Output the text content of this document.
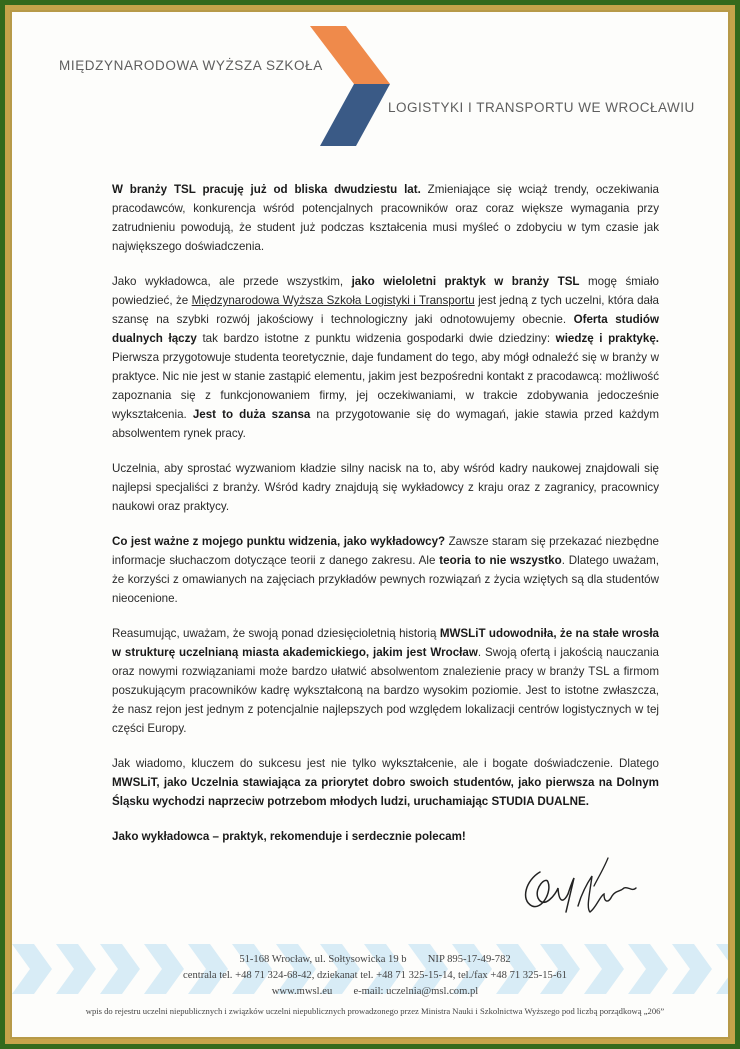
MIĘDZYNARODOWA WYŻSZA SZKOŁA
LOGISTYKI I TRANSPORTU WE WROCŁAWIU

W branży TSL pracuję już od bliska dwudziestu lat. Zmieniające się wciąż trendy, oczekiwania pracodawców, konkurencja wśród potencjalnych pracowników oraz coraz większe wymagania przy zatrudnieniu powodują, że student już podczas kształcenia musi myśleć o zdobyciu w tym czasie jak największego doświadczenia.

Jako wykładowca, ale przede wszystkim, jako wieloletni praktyk w branży TSL mogę śmiało powiedzieć, że Międzynarodowa Wyższa Szkoła Logistyki i Transportu jest jedną z tych uczelni, która dała szansę na szybki rozwój jakościowy i technologiczny jaki odnotowujemy obecnie. Oferta studiów dualnych łączy tak bardzo istotne z punktu widzenia gospodarki dwie dziedziny: wiedzę i praktykę. Pierwsza przygotowuje studenta teoretycznie, daje fundament do tego, aby mógł odnaleźć się w branży w praktyce. Nic nie jest w stanie zastąpić elementu, jakim jest bezpośredni kontakt z pracodawcą: możliwość zapoznania się z funkcjonowaniem firmy, jej oczekiwaniami, w trakcie zdobywania jedocześnie wykształcenia. Jest to duża szansa na przygotowanie się do wymagań, jakie stawia przed każdym absolwentem rynek pracy.

Uczelnia, aby sprostać wyzwaniom kładzie silny nacisk na to, aby wśród kadry naukowej znajdowali się najlepsi specjaliści z branży. Wśród kadry znajdują się wykładowcy z kraju oraz z zagranicy, pracownicy naukowi oraz praktycy.

Co jest ważne z mojego punktu widzenia, jako wykładowcy? Zawsze staram się przekazać niezbędne informacje słuchaczom dotyczące teorii z danego zakresu. Ale teoria to nie wszystko. Dlatego uważam, że korzyści z omawianych na zajęciach przykładów pewnych rozwiązań z życia wziętych są dla studentów nieocenione.

Reasumując, uważam, że swoją ponad dziesięcioletnią historią MWSLiT udowodniła, że na stałe wrosła w strukturę uczelnianą miasta akademickiego, jakim jest Wrocław. Swoją ofertą i jakością nauczania oraz nowymi rozwiązaniami może bardzo ułatwić absolwentom znalezienie pracy w branży TSL a firmom poszukującym pracowników kadrę wykształconą na bardzo wysokim poziomie. Jest to istotne zwłaszcza, że nasz rejon jest jednym z potencjalnie najlepszych pod względem lokalizacji centrów logistycznych w tej części Europy.

Jak wiadomo, kluczem do sukcesu jest nie tylko wykształcenie, ale i bogate doświadczenie. Dlatego MWSLiT, jako Uczelnia stawiająca za priorytet dobro swoich studentów, jako pierwsza na Dolnym Śląsku wychodzi naprzeciw potrzebom młodych ludzi, uruchamiając STUDIA DUALNE.

Jako wykładowca – praktyk, rekomenduje i serdecznie polecam!

51-168 Wrocław, ul. Sołtysowicka 19 b        NIP 895-17-49-782
centrala tel. +48 71 324-68-42, dziekanat tel. +48 71 325-15-14, tel./fax +48 71 325-15-61
www.mwsl.eu        e-mail: uczelnia@msl.com.pl
wpis do rejestru uczelni niepublicznych i związków uczelni niepublicznych prowadzonego przez Ministra Nauki i Szkolnictwa Wyższego pod liczbą porządkową „206”
